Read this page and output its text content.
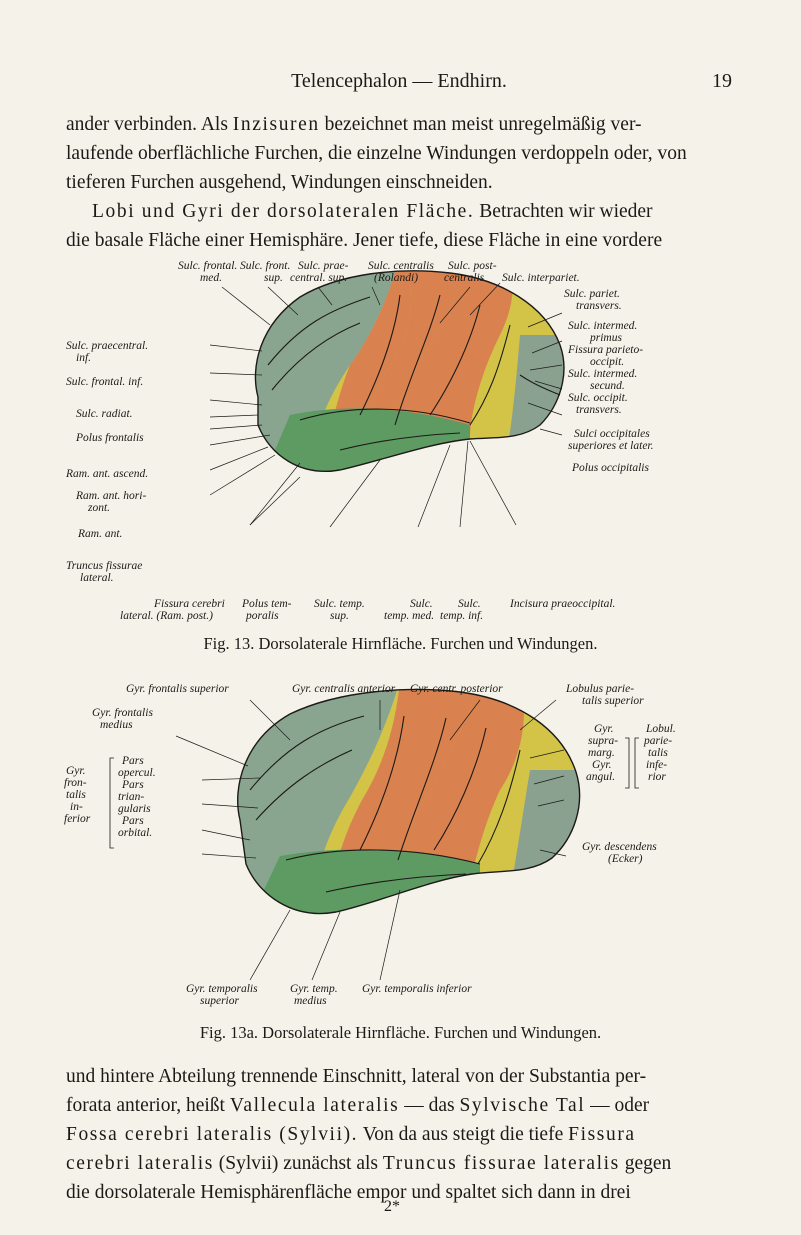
Telencephalon — Endhirn.	19

ander verbinden. Als Inzisuren bezeichnet man meist unregelmäßig ver-

laufende oberflächliche Furchen, die einzelne Windungen verdoppeln oder, von

tieferen Furchen ausgehend, Windungen einschneiden.

Lobi und Gyri der dorsolateralen Fläche. Betrachten wir wieder

die basale Fläche einer Hemisphäre. Jener tiefe, diese Fläche in eine vordere

Sulc. frontal.
med.
Sulc. front.
sup.
Sulc. prae-
central. sup.
Sulc. centralis
(Rolandi)
Sulc. post-
centralis Sulc. interpariet.
Sulc. pariet.
transvers.
Sulc. intermed.
primus
Fissura parieto-
occipit.
Sulc. intermed.
secund.
Sulc. occipit.
transvers.
Sulci occipitales
superiores et later.
Polus occipitalis
Sulc. praecentral.
inf.
Sulc. frontal. inf.
Sulc. radiat.
Polus frontalis
Ram. ant. ascend.
Ram. ant. hori-
zont.
Ram. ant.
Truncus fissurae
lateral.
Fissura cerebri
lateral. (Ram. post.)
Polus tem-
poralis
Sulc. temp.
sup.
Sulc.
temp. med.
Sulc.
temp. inf.
Incisura praeoccipital.
Fig. 13. Dorsolaterale Hirnfläche. Furchen und Windungen.
Gyr. frontalis superior	Gyr. centralis anterior Gyr. centr. posterior	Lobulus parie-
talis superior
Gyr. frontalis
medius
Gyr.
fron-
talis
in-
ferior
Pars
opercul.
Pars
trian-
gularis
Pars
orbital.
Gyr.
supra-
marg.
Gyr.
angul.
Lobul.
parie-
talis
infe-
rior
Gyr. descendens
(Ecker)
Gyr. temporalis
superior
Gyr. temp.
medius
Gyr. temporalis inferior
Fig. 13a. Dorsolaterale Hirnfläche. Furchen und Windungen.

und hintere Abteilung trennende Einschnitt, lateral von der Substantia per-

forata anterior, heißt Vallecula lateralis — das Sylvische Tal — oder

Fossa cerebri lateralis (Sylvii). Von da aus steigt die tiefe Fissura

cerebri lateralis (Sylvii) zunächst als Truncus fissurae lateralis gegen

die dorsolaterale Hemisphärenfläche empor und spaltet sich dann in drei

2*
